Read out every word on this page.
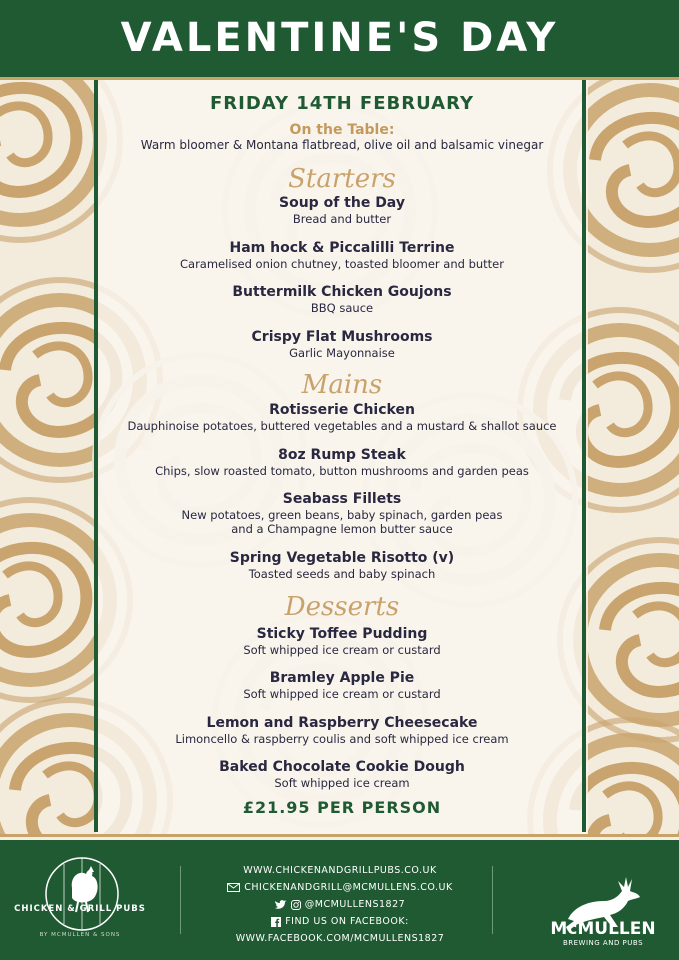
VALENTINE'S DAY
FRIDAY 14TH FEBRUARY
On the Table:
Warm bloomer & Montana flatbread, olive oil and balsamic vinegar
Starters
Soup of the Day
Bread and butter
Ham hock & Piccalilli Terrine
Caramelised onion chutney, toasted bloomer and butter
Buttermilk Chicken Goujons
BBQ sauce
Crispy Flat Mushrooms
Garlic Mayonnaise
Mains
Rotisserie Chicken
Dauphinoise potatoes, buttered vegetables and a mustard & shallot sauce
8oz Rump Steak
Chips, slow roasted tomato, button mushrooms and garden peas
Seabass Fillets
New potatoes, green beans, baby spinach, garden peas
and a Champagne lemon butter sauce
Spring Vegetable Risotto (v)
Toasted seeds and baby spinach
Desserts
Sticky Toffee Pudding
Soft whipped ice cream or custard
Bramley Apple Pie
Soft whipped ice cream or custard
Lemon and Raspberry Cheesecake
Limoncello & raspberry coulis and soft whipped ice cream
Baked Chocolate Cookie Dough
Soft whipped ice cream
£21.95 PER PERSON
CHICKEN & GRILL PUBS
BY MCMULLEN & SONS
WWW.CHICKENANDGRILLPUBS.CO.UK
CHICKENANDGRILL@MCMULLENS.CO.UK
@MCMULLENS1827
FIND US ON FACEBOOK:
WWW.FACEBOOK.COM/MCMULLENS1827
1827
McMULLEN
BREWING AND PUBS
